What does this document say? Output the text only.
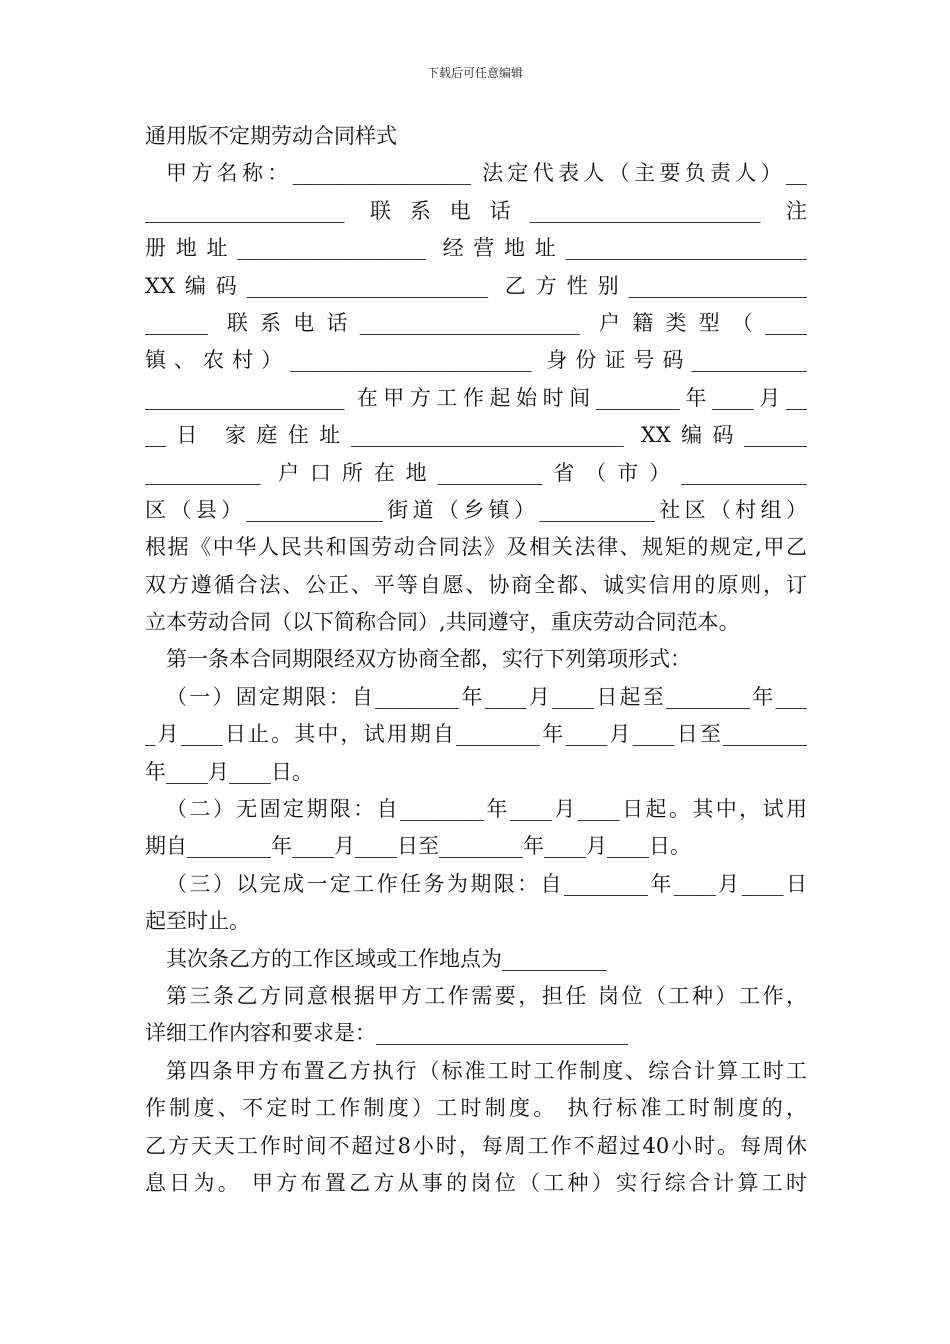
下载后可任意编辑
通用版不定期劳动合同样式
甲方名称：_________________ 法定代表人（主要负责人）__
___________________ 联系电话______________________ 注
册地址__________________ 经营地址_______________________
XX编码_______________________ 乙方性别_________________
______ 联系电话_____________________ 户籍类型（____
镇、农村）_______________________ 身份证号码___________
___________________ 在甲方工作起始时间________年____月__
__日 家庭住址__________________________ XX编码______
___________ 户口所在地__________省（市）____________
区（县）_____________街道（乡镇）___________社区（村组）
根据《中华人民共和国劳动合同法》及相关法律、规矩的规定,甲乙
双方遵循合法、公正、平等自愿、协商全都、诚实信用的原则，订
立本劳动合同（以下简称合同）,共同遵守，重庆劳动合同范本。
第一条本合同期限经双方协商全都，实行下列第项形式：
（一）固定期限：自________年____月____日起至________年___
_月____日止。其中，试用期自________年____月____日至________
年____月____日。
（二）无固定期限：自________年____月____日起。其中，试用
期自________年____月____日至________年____月____日。
（三）以完成一定工作任务为期限：自________年____月____日
起至时止。
其次条乙方的工作区域或工作地点为__________
第三条乙方同意根据甲方工作需要，担任 岗位（工种）工作，
详细工作内容和要求是：________________________
第四条甲方布置乙方执行（标准工时工作制度、综合计算工时工
作制度、不定时工作制度）工时制度。 执行标准工时制度的，
乙方天天工作时间不超过8小时，每周工作不超过40小时。每周休
息日为。 甲方布置乙方从事的岗位（工种）实行综合计算工时
